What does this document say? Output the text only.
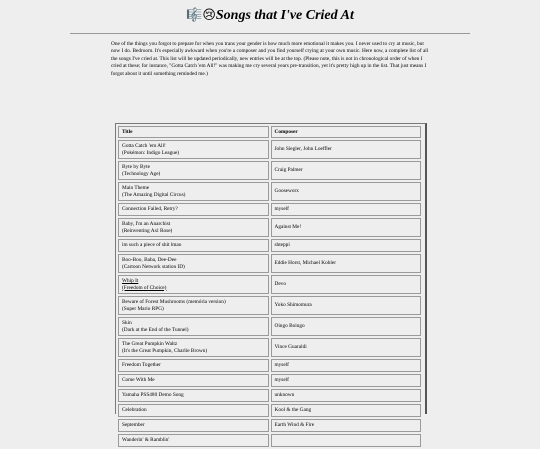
🎼😢Songs that I've Cried At
One of the things you forgot to prepare for when you trans your gender is how much more emotional it makes you. I never used to cry at music, but now I do. Bedroom. It's especially awkward when you're a composer and you find yourself crying at your own music. Here now, a complete list of all the songs I've cried at. This list will be updated periodically, new entries will be at the top. (Please note, this is not in chronological order of when I cried at these; for instance, "Gotta Catch 'em All!" was making me cry several years pre-transition, yet it's pretty high up in the list. That just means I forgot about it until something reminded me.)
Title	Composer

Gotta Catch 'em All!
(Pokémon: Indigo League)	John Siegler, John Loeffler

Byte by Byte
(Technology Age)	Craig Palmer

Main Theme
(The Amazing Digital Circus)	Gooseworx

Connection Failed, Retry?	myself

Baby, I'm an Anarchist
(Reinventing Axl Rose)	Against Me!

im such a piece of shit lmao	shteppi

Boo-Boo, Baba, Dee-Dee
(Cartoon Network station ID)	Eddie Horst, Michael Kohler

Whip It
(Freedom of Choice)	Devo

Beware of Forest Mushrooms (memória version)
(Super Mario RPG)	Yoko Shimomura

Skin
(Dark at the End of the Tunnel)	Oingo Boingo

The Great Pumpkin Waltz
(It's the Great Pumpkin, Charlie Brown)	Vince Guaraldi

Freedom Together	myself

Come With Me	myself

Yamaha PSS480 Demo Song	unknown

Celebration	Kool & the Gang

September	Earth Wind & Fire

Wanderin' & Ramblin'	
